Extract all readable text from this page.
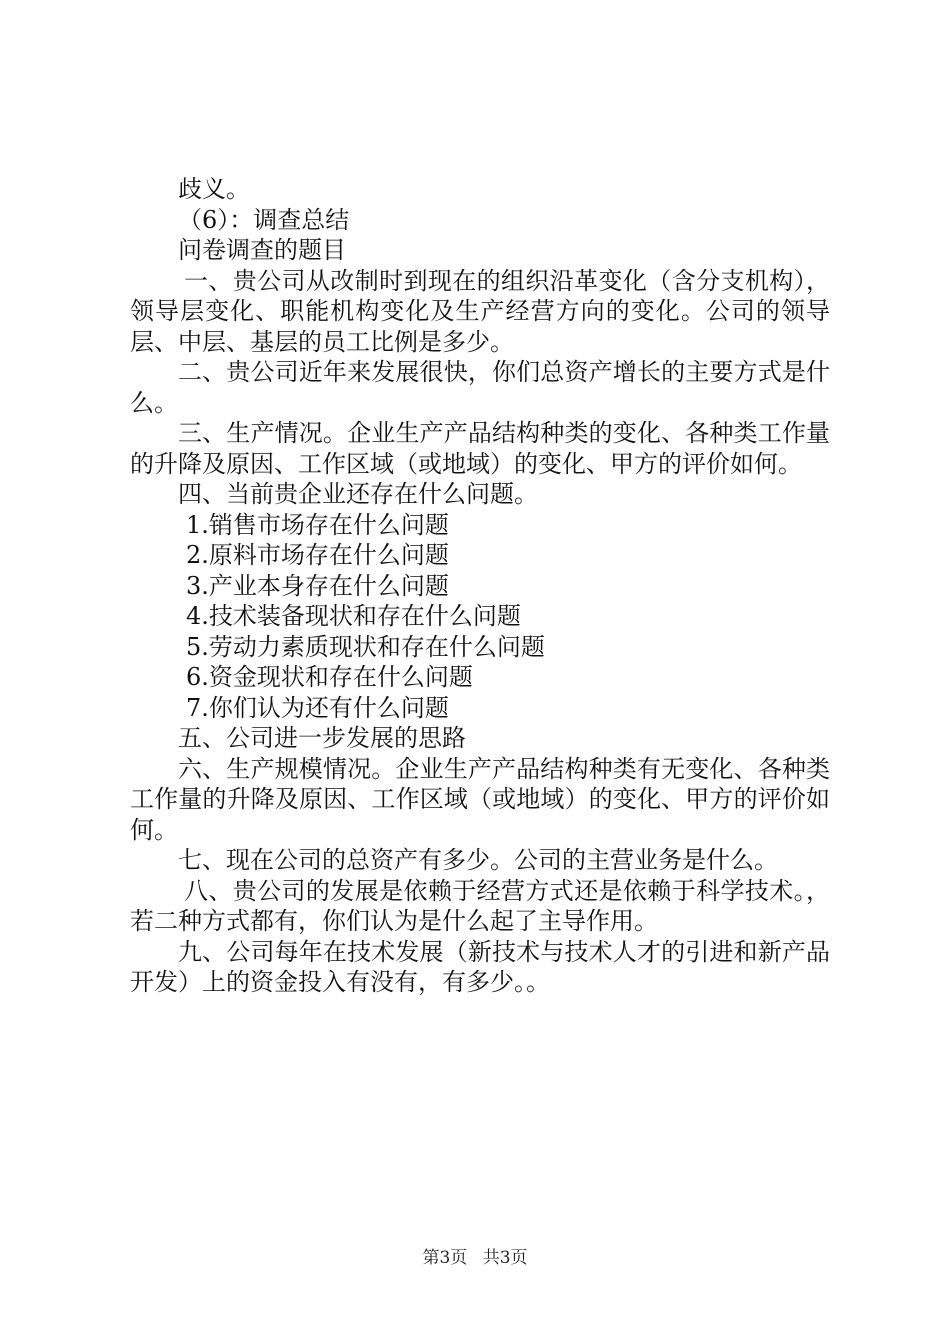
歧义。

（6）：调查总结

问卷调查的题目

一、贵公司从改制时到现在的组织沿革变化（含分支机构），领导层变化、职能机构变化及生产经营方向的变化。公司的领导层、中层、基层的员工比例是多少。

二、贵公司近年来发展很快，你们总资产增长的主要方式是什么。

三、生产情况。企业生产产品结构种类的变化、各种类工作量的升降及原因、工作区域（或地域）的变化、甲方的评价如何。

四、当前贵企业还存在什么问题。

1.销售市场存在什么问题

2.原料市场存在什么问题

3.产业本身存在什么问题

4.技术装备现状和存在什么问题

5.劳动力素质现状和存在什么问题

6.资金现状和存在什么问题

7.你们认为还有什么问题

五、公司进一步发展的思路

六、生产规模情况。企业生产产品结构种类有无变化、各种类工作量的升降及原因、工作区域（或地域）的变化、甲方的评价如何。

七、现在公司的总资产有多少。公司的主营业务是什么。

八、贵公司的发展是依赖于经营方式还是依赖于科学技术。，若二种方式都有，你们认为是什么起了主导作用。

九、公司每年在技术发展（新技术与技术人才的引进和新产品开发）上的资金投入有没有，有多少。。

第3页 共3页
